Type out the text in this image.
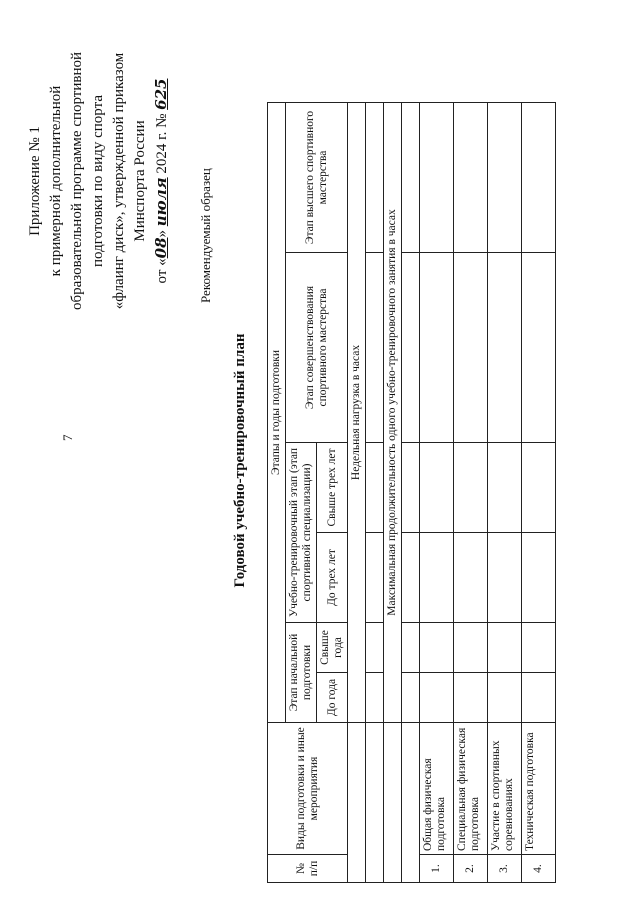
7
Приложение № 1 к примерной дополнительной образовательной программе спортивной подготовки по виду спорта «флаинг диск», утвержденной приказом Минспорта России
от «08» июля 2024 г. № 625
Рекомендуемый образец
Годовой учебно-тренировочный план
№ п/п	Виды подготовки и иные мероприятия	Этапы и годы подготовки					
		Этап начальной подготовки		Учебно-тренировочный этап (этап спортивной специализации)		Этап совершенствования спортивного мастерства	Этап высшего спортивного мастерства
		До года	Свыше года	До трех лет	Свыше трех лет		
		Недельная нагрузка в часах					

		Максимальная продолжительность одного учебно-тренировочного занятия в часах					

1.	Общая физическая подготовка						
2.	Специальная физическая подготовка						
3.	Участие в спортивных соревнованиях						
4.	Техническая подготовка						
